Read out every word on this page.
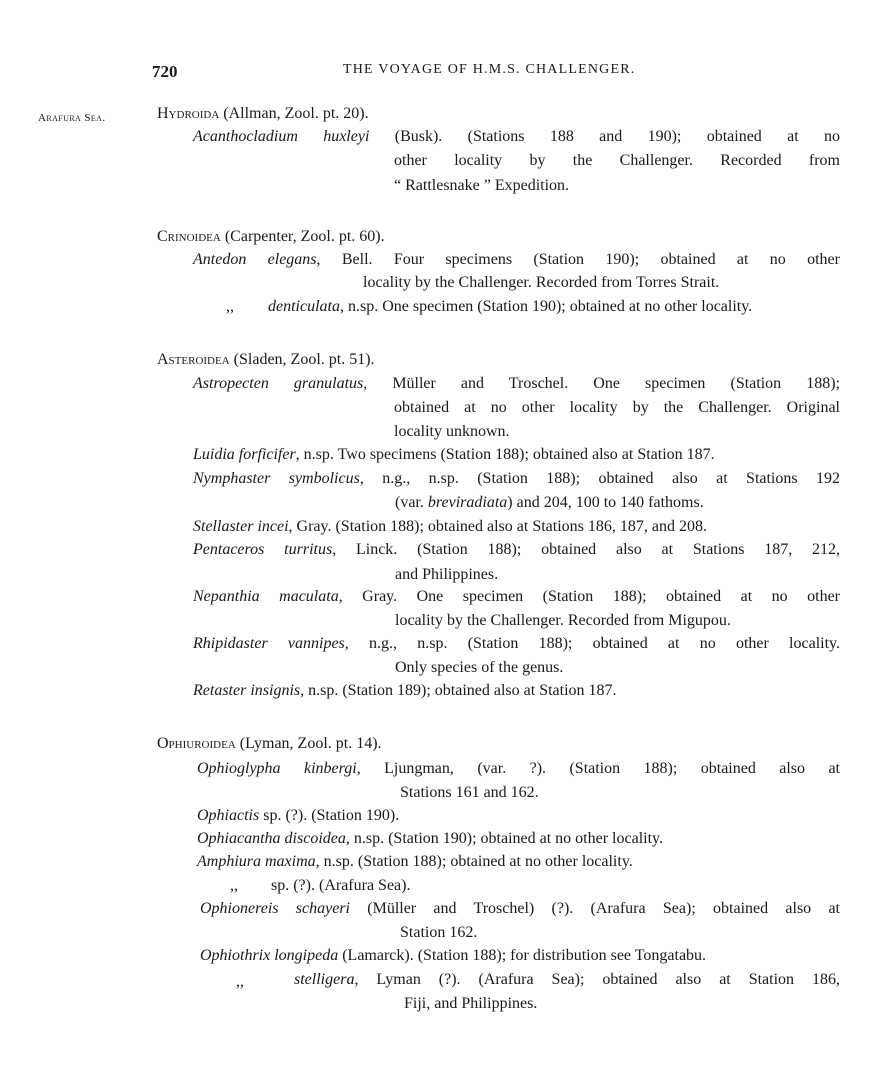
720	THE VOYAGE OF H.M.S. CHALLENGER.
Arafura Sea.	Hydroida (Allman, Zool. pt. 20).
Acanthocladium huxleyi (Busk). (Stations 188 and 190); obtained at no
other locality by the Challenger. Recorded from
“ Rattlesnake ” Expedition.
Crinoidea (Carpenter, Zool. pt. 60).
Antedon elegans, Bell. Four specimens (Station 190); obtained at no other
locality by the Challenger. Recorded from Torres Strait.
,, denticulata, n.sp. One specimen (Station 190); obtained at no other locality.
Asteroidea (Sladen, Zool. pt. 51).
Astropecten granulatus, Müller and Troschel. One specimen (Station 188);
obtained at no other locality by the Challenger. Original
locality unknown.
Luidia forficifer, n.sp. Two specimens (Station 188); obtained also at Station 187.
Nymphaster symbolicus, n.g., n.sp. (Station 188); obtained also at Stations 192
(var. breviradiata) and 204, 100 to 140 fathoms.
Stellaster incei, Gray. (Station 188); obtained also at Stations 186, 187, and 208.
Pentaceros turritus, Linck. (Station 188); obtained also at Stations 187, 212,
and Philippines.
Nepanthia maculata, Gray. One specimen (Station 188); obtained at no other
locality by the Challenger. Recorded from Migupou.
Rhipidaster vannipes, n.g., n.sp. (Station 188); obtained at no other locality.
Only species of the genus.
Retaster insignis, n.sp. (Station 189); obtained also at Station 187.
Ophiuroidea (Lyman, Zool. pt. 14).
Ophioglypha kinbergi, Ljungman, (var. ?). (Station 188); obtained also at
Stations 161 and 162.
Ophiactis sp. (?). (Station 190).
Ophiacantha discoidea, n.sp. (Station 190); obtained at no other locality.
Amphiura maxima, n.sp. (Station 188); obtained at no other locality.
,, sp. (?). (Arafura Sea).
Ophionereis schayeri (Müller and Troschel) (?). (Arafura Sea); obtained also at
Station 162.
Ophiothrix longipeda (Lamarck). (Station 188); for distribution see Tongatabu.
,,	stelligera, Lyman (?). (Arafura Sea); obtained also at Station 186,
Fiji, and Philippines.
